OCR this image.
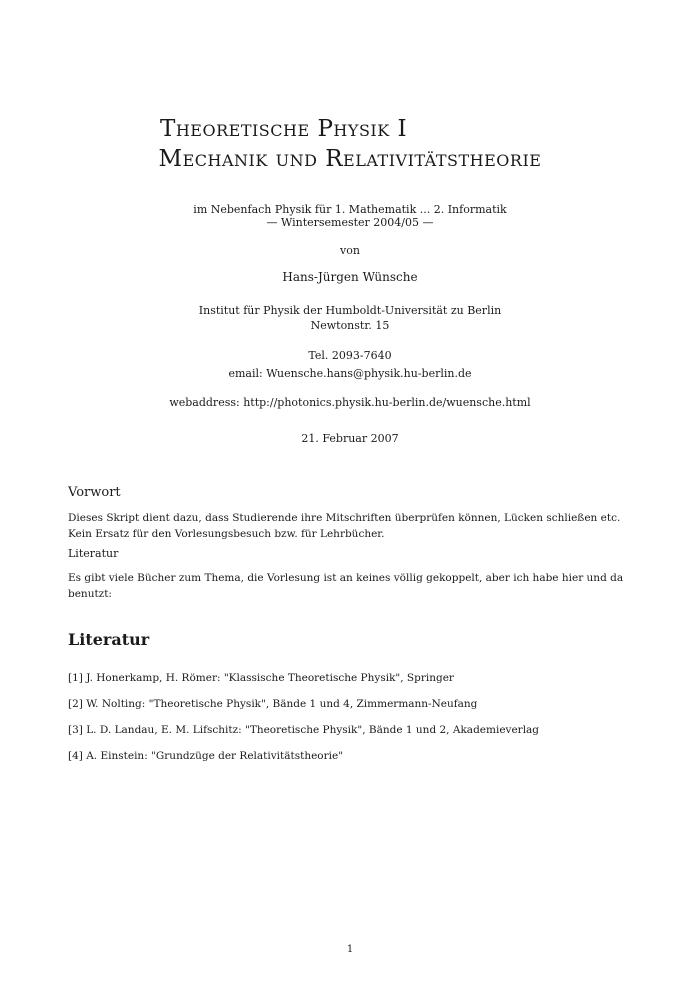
Theoretische Physik I
Mechanik und Relativitätstheorie
im Nebenfach Physik für 1. Mathematik ... 2. Informatik
— Wintersemester 2004/05 —
von
Hans-Jürgen Wünsche
Institut für Physik der Humboldt-Universität zu Berlin
Newtonstr. 15
Tel. 2093-7640
email: Wuensche.hans@physik.hu-berlin.de
webaddress: http://photonics.physik.hu-berlin.de/wuensche.html
21. Februar 2007
Vorwort
Dieses Skript dient dazu, dass Studierende ihre Mitschriften überprüfen können, Lücken schließen etc. Kein Ersatz für den Vorlesungsbesuch bzw. für Lehrbücher.
Literatur
Es gibt viele Bücher zum Thema, die Vorlesung ist an keines völlig gekoppelt, aber ich habe hier und da benutzt:
Literatur
[1] J. Honerkamp, H. Römer: "Klassische Theoretische Physik", Springer
[2] W. Nolting: "Theoretische Physik", Bände 1 und 4, Zimmermann-Neufang
[3] L. D. Landau, E. M. Lifschitz: "Theoretische Physik", Bände 1 und 2, Akademieverlag
[4] A. Einstein: "Grundzüge der Relativitätstheorie"
1
